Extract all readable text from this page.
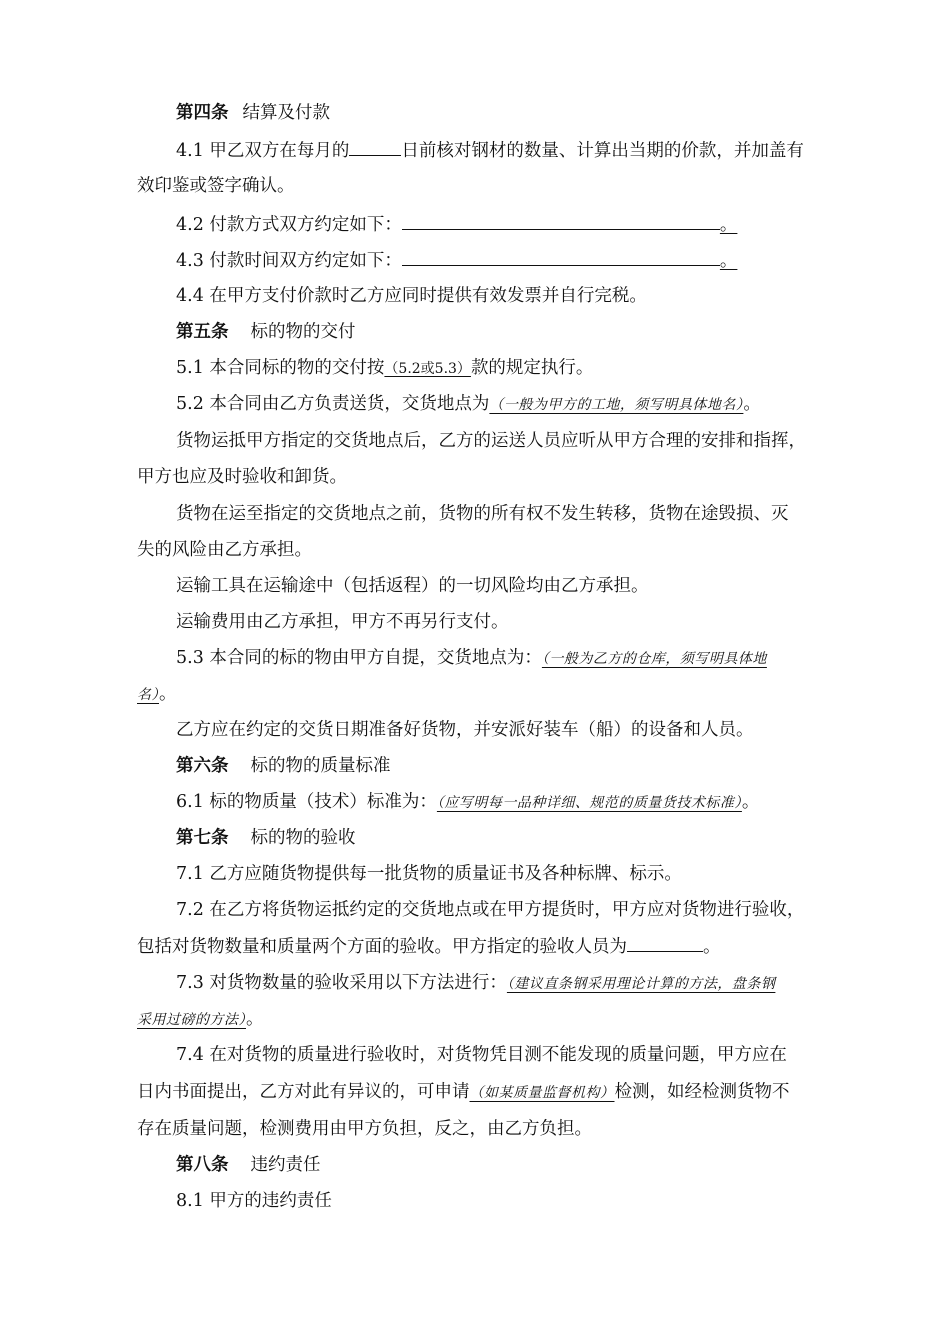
第四条 结算及付款
4.1 甲乙双方在每月的	日前核对钢材的数量、计算出当期的价款，并加盖有
效印鉴或签字确认。
4.2 付款方式双方约定如下：	。
4.3 付款时间双方约定如下：	。
4.4 在甲方支付价款时乙方应同时提供有效发票并自行完税。
第五条 标的物的交付
5.1 本合同标的物的交付按（5.2或5.3）款的规定执行。
5.2 本合同由乙方负责送货，交货地点为（一般为甲方的工地，须写明具体地名）。
货物运抵甲方指定的交货地点后，乙方的运送人员应听从甲方合理的安排和指挥，
甲方也应及时验收和卸货。
货物在运至指定的交货地点之前，货物的所有权不发生转移，货物在途毁损、灭
失的风险由乙方承担。
运输工具在运输途中（包括返程）的一切风险均由乙方承担。
运输费用由乙方承担，甲方不再另行支付。
5.3 本合同的标的物由甲方自提，交货地点为：（一般为乙方的仓库，须写明具体地
名）。
乙方应在约定的交货日期准备好货物，并安派好装车（船）的设备和人员。
第六条 标的物的质量标准
6.1 标的物质量（技术）标准为：（应写明每一品种详细、规范的质量货技术标准）。
第七条 标的物的验收
7.1 乙方应随货物提供每一批货物的质量证书及各种标牌、标示。
7.2 在乙方将货物运抵约定的交货地点或在甲方提货时，甲方应对货物进行验收，
包括对货物数量和质量两个方面的验收。甲方指定的验收人员为	。
7.3 对货物数量的验收采用以下方法进行：（建议直条钢采用理论计算的方法，盘条钢
采用过磅的方法）。
7.4 在对货物的质量进行验收时，对货物凭目测不能发现的质量问题，甲方应在
日内书面提出，乙方对此有异议的，可申请（如某质量监督机构）检测，如经检测货物不
存在质量问题，检测费用由甲方负担，反之，由乙方负担。
第八条 违约责任
8.1 甲方的违约责任
